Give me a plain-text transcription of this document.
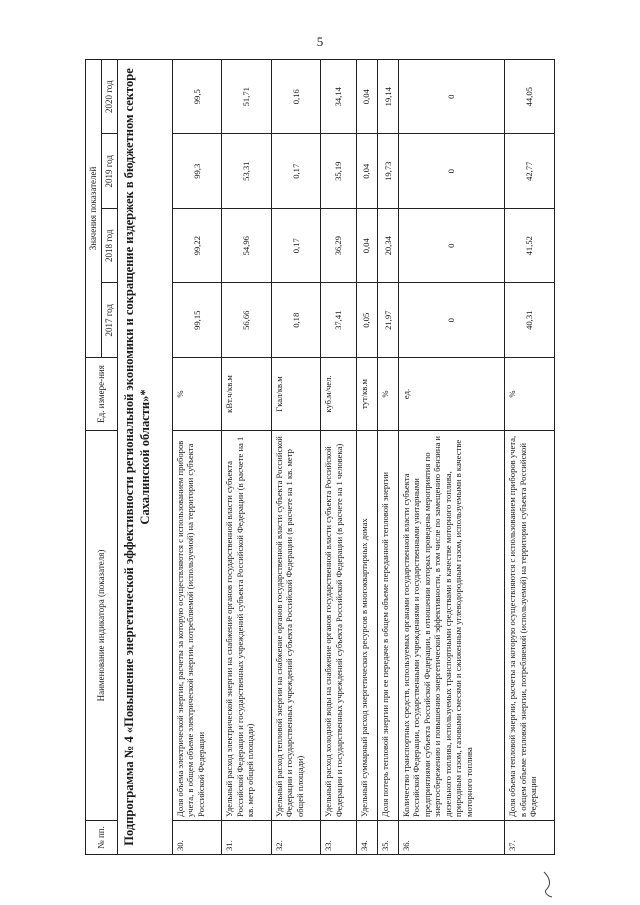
5
№ пп.	Наименование индикатора (показателя)	Ед. измере-ния	Значения показателей			
			2017 год	2018 год	2019 год	2020 год
Подпрограмма № 4 «Повышение энергетической эффективности региональной экономики и сокращение издержек в бюджетном секторе Сахалинской области»*						
30.	Доля объема электрической энергии, расчеты за которую осуществляются с использованием приборов учета, в общем объеме электрической энергии, потребляемой (используемой) на территории субъекта Российской Федерации	%	99,15	99,22	99,3	99,5
31.	Удельный расход электрической энергии на снабжение органов государственной власти субъекта Российской Федерации и государственных учреждений субъекта Российской Федерации (в расчете на 1 кв. метр общей площади)	кВт.ч/кв.м	56,66	54,96	53,31	51,71
32.	Удельный расход тепловой энергии на снабжение органов государственной власти субъекта Российской Федерации и государственных учреждений субъекта Российской Федерации (в расчете на 1 кв. метр общей площади)	Гкал/кв.м	0,18	0,17	0,17	0,16
33.	Удельный расход холодной воды на снабжение органов государственной власти субъекта Российской Федерации и государственных учреждений субъекта Российской Федерации (в расчете на 1 человека)	куб.м/чел.	37,41	36,29	35,19	34,14
34.	Удельный суммарный расход энергетических ресурсов в многоквартирных домах	тут/кв.м	0,05	0,04	0,04	0,04
35.	Доля потерь тепловой энергии при ее передаче в общем объеме переданной тепловой энергии	%	21,97	20,34	19,73	19,14
36.	Количество транспортных средств, используемых органами государственной власти субъекта Российской Федерации, государственными учреждениями и государственными унитарными предприятиями субъекта Российской Федерации, в отношении которых проведены мероприятия по энергосбережению и повышению энергетической эффективности, в том числе по замещению бензина и дизельного топлива, используемых транспортными средствами в качестве моторного топлива, природным газом, газовыми смесями и сжиженным углеводородным газом, используемыми в качестве моторного топлива	ед.	0	0	0	0
37.	Доля объема тепловой энергии, расчеты за которую осуществляются с использованием приборов учета, в общем объеме тепловой энергии, потребляемой (используемой) на территории субъекта Российской Федерации	%	40,31	41,52	42,77	44,05
